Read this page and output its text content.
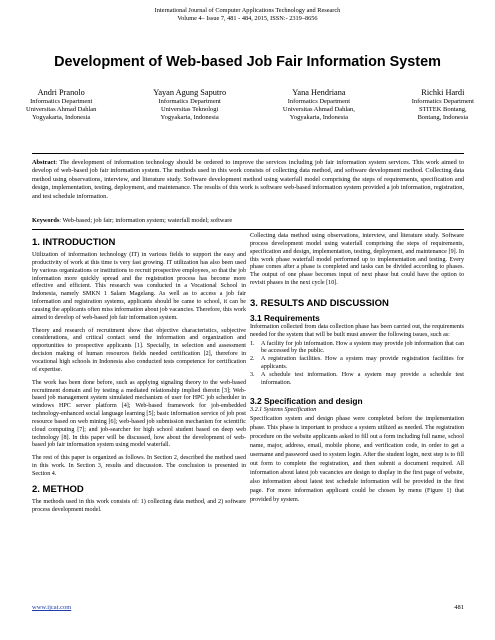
International Journal of Computer Applications Technology and Research
Volume 4– Issue 7, 481 - 484, 2015, ISSN:- 2319–8656
Development of Web-based Job Fair Information System
Andri Pranolo
Informatics Department
Universitas Ahmad Dahlan
Yogyakarta, Indonesia
Yayan Agung Saputro
Informatics Department
Universitas Teknologi
Yogyakarta, Indonesia
Yana Hendriana
Informatics Department
Universitas Ahmad Dahlan,
Yogyakarta, Indonesia
Richki Hardi
Informatics Department
STITEK Bontang,
Bontang, Indonesia

Abstract: The development of information technology should be ordered to improve the services including job fair information system services. This work aimed to develop of web-based job fair information system. The methods used in this work consists of collecting data method, and software development method. Collecting data method using observations, interview, and literature study. Software development method using waterfall model comprising the steps of requirements, specification and design, implementation, testing, deployment, and maintenance. The results of this work is software web-based information system provided a job information, registration, and test schedule information.

Keywords: Web-based; job fair; information system; waterfall model; software

1. INTRODUCTION

Utilization of information technology (IT) in various fields to support the easy and productivity of work at this time is very fast growing. IT utilization has also been used by various organizations or institutions to recruit prospective employees, so that the job information more quickly spread and the registration process has become more effective and efficient. This research was conducted in a Vocational School in Indonesia, namely SMKN 1 Salam Magelang. As well as to access a job fair information and registration systems, applicants should be came to school, it can be causing the applicants often miss information about job vacancies. Therefore, this work aimed to develop of web-based job fair information system.

Theory and research of recruitment show that objective characteristics, subjective considerations, and critical contact send the information and organization and opportunities to prospective applicants [1]. Specially, in selection and assessment decision making of human resources fields needed certification [2], therefore in vocational high schools in Indonesia also conducted tests competence for certification of expertise.

The work has been done before, such as applying signaling theory to the web-based recruitment domain and by testing a mediated relationship implied therein [3]; Web-based job management system simulated mechanism of user for HPC job scheduler in windows HPC server platform [4]; Web-based framework for job-embedded technology-enhanced social language learning [5]; basic information service of job post resource based on web mining [6]; web-based job submission mechanism for scientific cloud computing [7]; and job-searcher for high school student based on deep web technology [8]. In this paper will be discussed, how about the development of web-based job fair information system using model waterfall.

The rest of this paper is organized as follows. In Section 2, described the method used in this work. In Section 3, results and discussion. The conclusion is presented in Section 4.

2. METHOD

The methods used in this work consists of: 1) collecting data method, and 2) software process development model.

Collecting data method using observations, interview, and literature study. Software process development model using waterfall comprising the steps of requirements, specification and design, implementation, testing, deployment, and maintenance [9]. In this work phase waterfall model performed up to implementation and testing. Every phase comes after a phase is completed and tasks can be divided according to phases. The output of one phase becomes input of next phase but could have the option to revisit phases in the next cycle [10].

3. RESULTS AND DISCUSSION
3.1 Requirements

Information collected from data collection phase has been carried out, the requirements needed for the system that will be built must answer the following issues, such as:

1.	A facility for job information. How a system may provide job information that can be accessed by the public.
2.	A registration facilities. How a system may provide registration facilities for applicants.
3.	A schedule test information. How a system may provide a schedule test information.
3.2 Specification and design

3.2.1 Systems Specification

Specification system and design phase were completed before the implementation phase. This phase is important to produce a system utilized as needed. The registration procedure on the website applicants asked to fill out a form including full name, school name, major, address, email, mobile phone, and verification code, in order to get a username and password used to system login. After the student login, next step is to fill out form to complete the registration, and then submit a document required. All information about latest job vacancies are design to display in the first page of website, also information about latest test schedule information will be provided in the first page. For more information applicant could be chosen by menu (Figure 1) that provided by system.

www.ijcat.com	481
